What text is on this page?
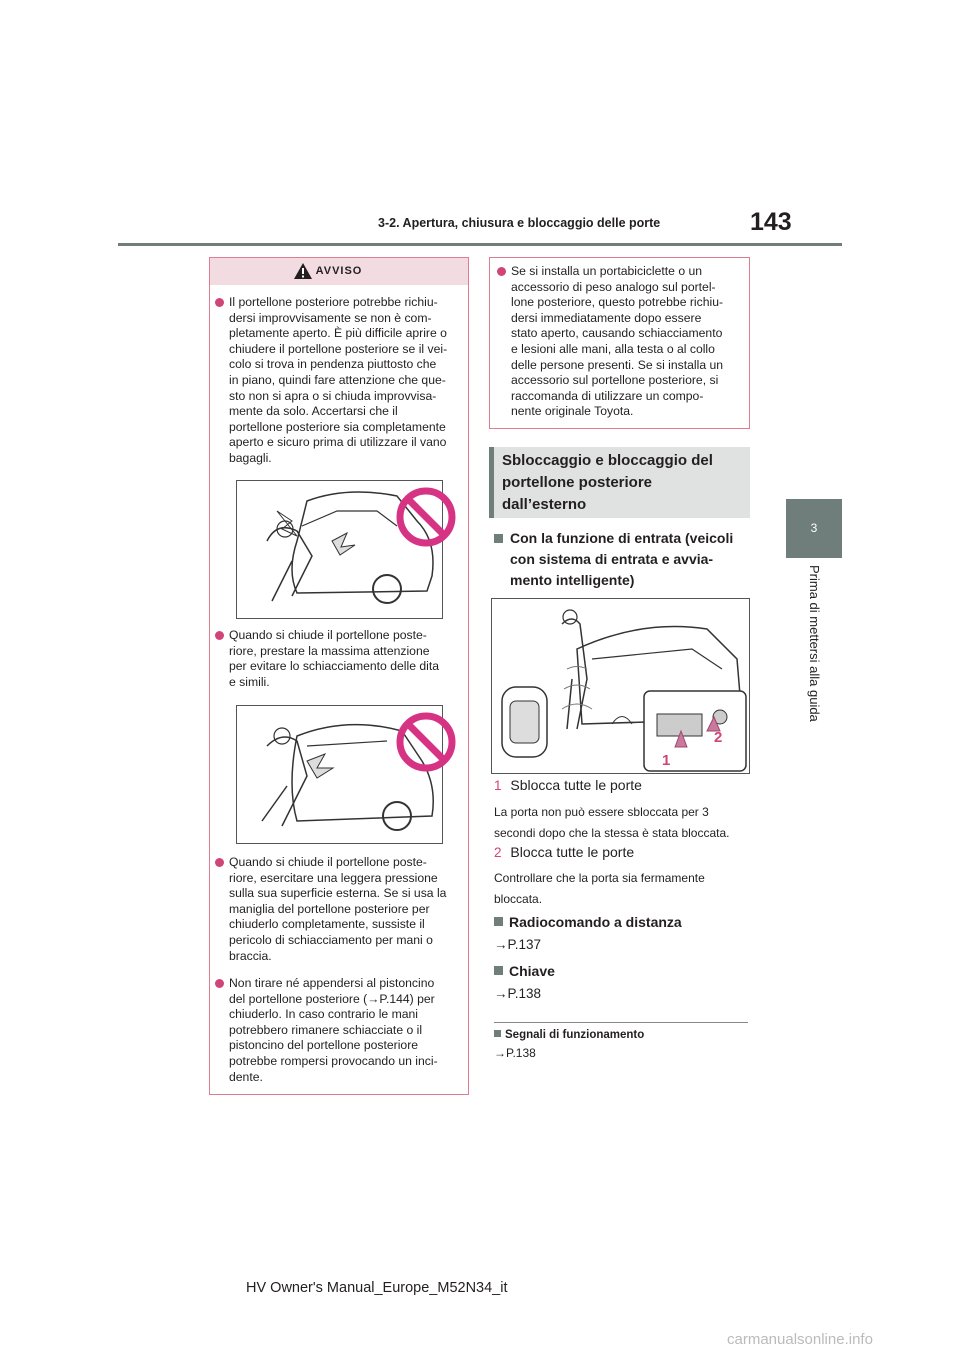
3-2. Apertura, chiusura e bloccaggio delle porte	143
3
Prima di mettersi alla guida
AVVISO
Il portellone posteriore potrebbe richiu-
dersi improvvisamente se non è com-
pletamente aperto. È più difficile aprire o
chiudere il portellone posteriore se il vei-
colo si trova in pendenza piuttosto che
in piano, quindi fare attenzione che que-
sto non si apra o si chiuda improvvisa-
mente da solo. Accertarsi che il
portellone posteriore sia completamente
aperto e sicuro prima di utilizzare il vano
bagagli.
Quando si chiude il portellone poste-
riore, prestare la massima attenzione
per evitare lo schiacciamento delle dita
e simili.
Quando si chiude il portellone poste-
riore, esercitare una leggera pressione
sulla sua superficie esterna. Se si usa la
maniglia del portellone posteriore per
chiuderlo completamente, sussiste il
pericolo di schiacciamento per mani o
braccia.
Non tirare né appendersi al pistoncino
del portellone posteriore (→P.144) per
chiuderlo. In caso contrario le mani
potrebbero rimanere schiacciate o il
pistoncino del portellone posteriore
potrebbe rompersi provocando un inci-
dente.
Se si installa un portabiciclette o un
accessorio di peso analogo sul portel-
lone posteriore, questo potrebbe richiu-
dersi immediatamente dopo essere
stato aperto, causando schiacciamento
e lesioni alle mani, alla testa o al collo
delle persone presenti. Se si installa un
accessorio sul portellone posteriore, si
raccomanda di utilizzare un compo-
nente originale Toyota.
Sbloccaggio e bloccaggio del
portellone posteriore
dall’esterno
Con la funzione di entrata (veicoli
con sistema di entrata e avvia-
mento intelligente)
1
2
1 Sblocca tutte le porte
La porta non può essere sbloccata per 3
secondi dopo che la stessa è stata bloccata.
2 Blocca tutte le porte
Controllare che la porta sia fermamente
bloccata.
Radiocomando a distanza
→P.137
Chiave
→P.138
Segnali di funzionamento
→P.138
HV Owner's Manual_Europe_M52N34_it
carmanualsonline.info
